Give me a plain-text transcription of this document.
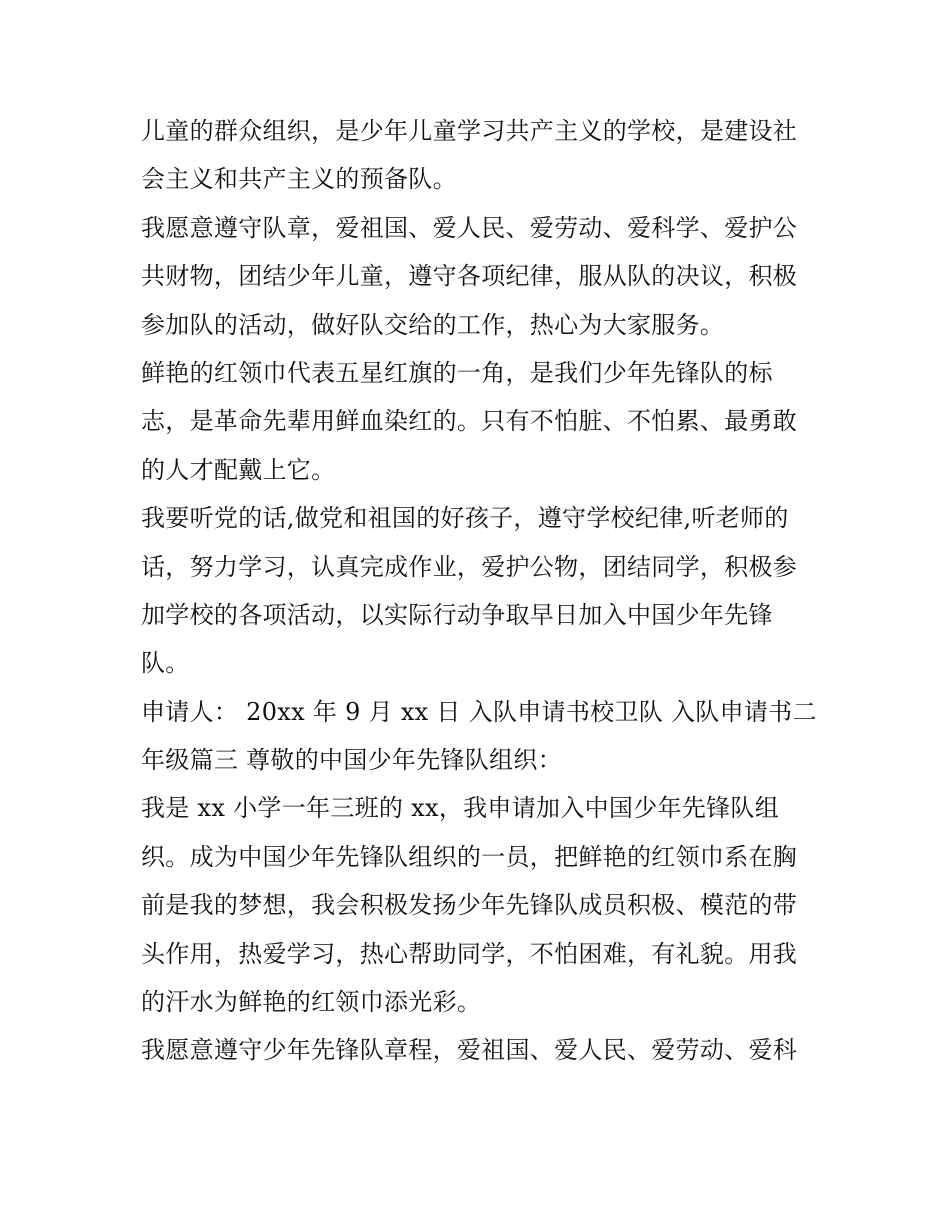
儿童的群众组织，是少年儿童学习共产主义的学校，是建设社
会主义和共产主义的预备队。
我愿意遵守队章，爱祖国、爱人民、爱劳动、爱科学、爱护公
共财物，团结少年儿童，遵守各项纪律，服从队的决议，积极
参加队的活动，做好队交给的工作，热心为大家服务。
鲜艳的红领巾代表五星红旗的一角，是我们少年先锋队的标
志，是革命先辈用鲜血染红的。只有不怕脏、不怕累、最勇敢
的人才配戴上它。
我要听党的话,做党和祖国的好孩子，遵守学校纪律,听老师的
话，努力学习，认真完成作业，爱护公物，团结同学，积极参
加学校的各项活动，以实际行动争取早日加入中国少年先锋
队。
申请人： 20xx 年 9 月 xx 日 入队申请书校卫队 入队申请书二
年级篇三 尊敬的中国少年先锋队组织：
我是 xx 小学一年三班的 xx，我申请加入中国少年先锋队组
织。成为中国少年先锋队组织的一员，把鲜艳的红领巾系在胸
前是我的梦想，我会积极发扬少年先锋队成员积极、模范的带
头作用，热爱学习，热心帮助同学，不怕困难，有礼貌。用我
的汗水为鲜艳的红领巾添光彩。
我愿意遵守少年先锋队章程，爱祖国、爱人民、爱劳动、爱科
